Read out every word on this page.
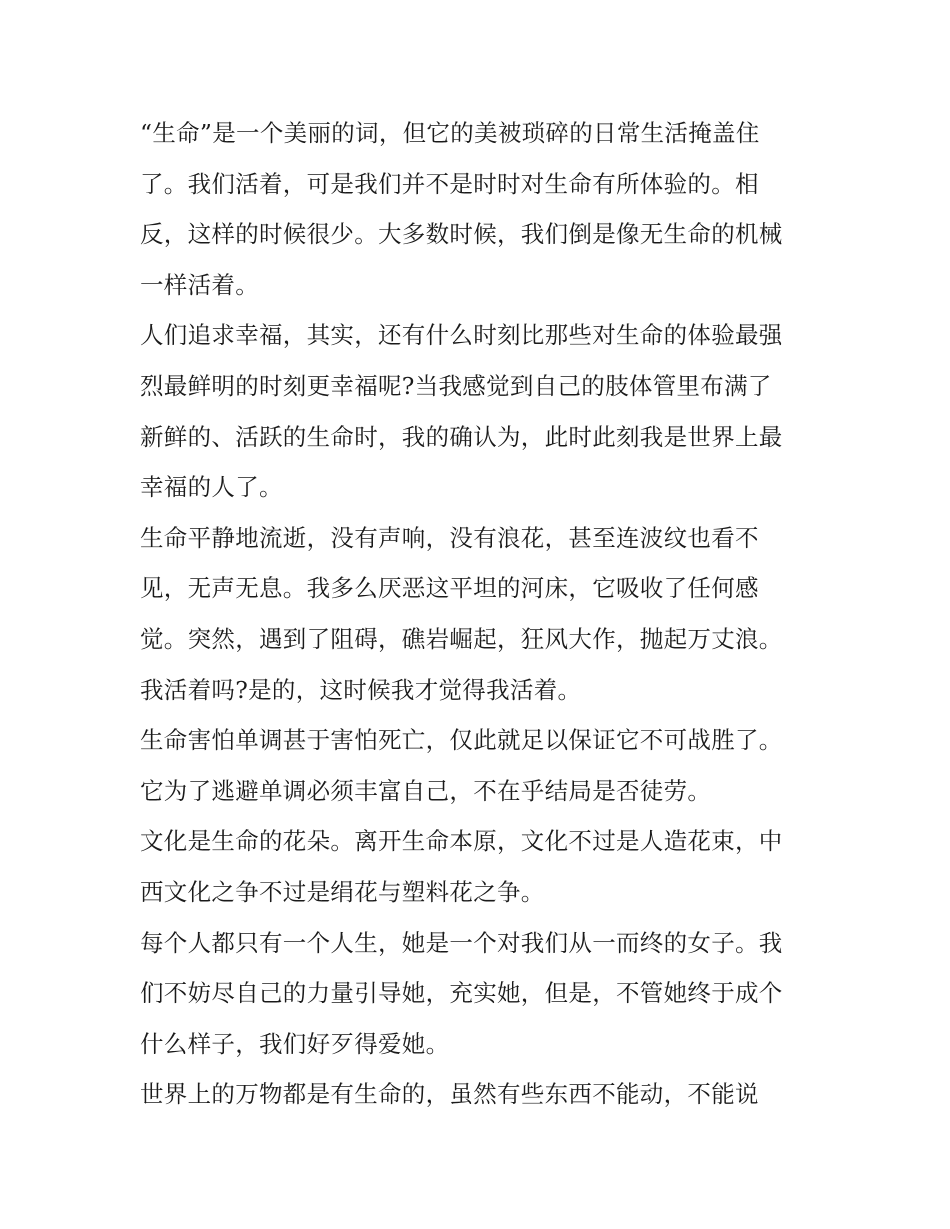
“生命”是一个美丽的词，但它的美被琐碎的日常生活掩盖住
了。我们活着，可是我们并不是时时对生命有所体验的。相
反，这样的时候很少。大多数时候，我们倒是像无生命的机械
一样活着。
人们追求幸福，其实，还有什么时刻比那些对生命的体验最强
烈最鲜明的时刻更幸福呢?当我感觉到自己的肢体管里布满了
新鲜的、活跃的生命时，我的确认为，此时此刻我是世界上最
幸福的人了。
生命平静地流逝，没有声响，没有浪花，甚至连波纹也看不
见，无声无息。我多么厌恶这平坦的河床，它吸收了任何感
觉。突然，遇到了阻碍，礁岩崛起，狂风大作，抛起万丈浪。
我活着吗?是的，这时候我才觉得我活着。
生命害怕单调甚于害怕死亡，仅此就足以保证它不可战胜了。
它为了逃避单调必须丰富自己，不在乎结局是否徒劳。
文化是生命的花朵。离开生命本原，文化不过是人造花束，中
西文化之争不过是绢花与塑料花之争。
每个人都只有一个人生，她是一个对我们从一而终的女子。我
们不妨尽自己的力量引导她，充实她，但是，不管她终于成个
什么样子，我们好歹得爱她。
世界上的万物都是有生命的，虽然有些东西不能动，不能说
